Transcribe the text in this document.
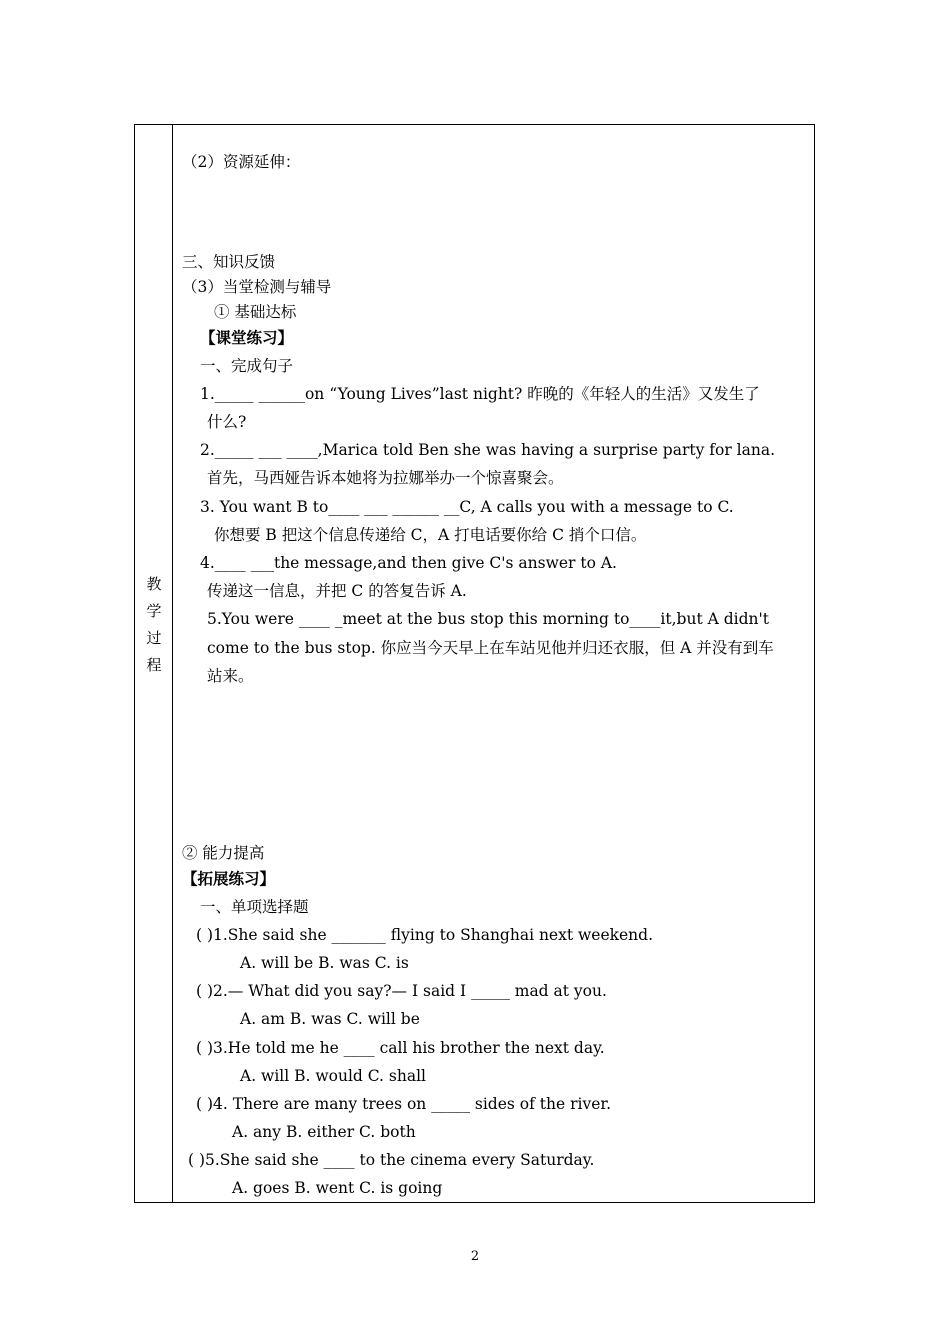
教
学
过
程
（2）资源延伸：
三、知识反馈
（3）当堂检测与辅导
① 基础达标
【课堂练习】
一、完成句子
1._____ ______on “Young Lives”last night? 昨晚的《年轻人的生活》又发生了
什么?
2._____ ___ ____,Marica told Ben she was having a surprise party for lana.
首先，马西娅告诉本她将为拉娜举办一个惊喜聚会。
3. You want B to____ ___ ______ __C, A calls you with a message to C.
你想要 B 把这个信息传递给 C，A 打电话要你给 C 捎个口信。
4.____ ___the message,and then give C's answer to A.
传递这一信息，并把 C 的答复告诉 A.
5.You were ____ _meet at the bus stop this morning to____it,but A didn't
come to the bus stop. 你应当今天早上在车站见他并归还衣服，但 A 并没有到车
站来。
② 能力提高
【拓展练习】
一、单项选择题
( )1.She said she _______ flying to Shanghai next weekend.
A. will be B. was C. is
( )2.— What did you say?— I said I _____ mad at you.
A. am B. was C. will be
( )3.He told me he ____ call his brother the next day.
A. will B. would C. shall
( )4. There are many trees on _____ sides of the river.
A. any B. either C. both
( )5.She said she ____ to the cinema every Saturday.
A. goes B. went C. is going
2
